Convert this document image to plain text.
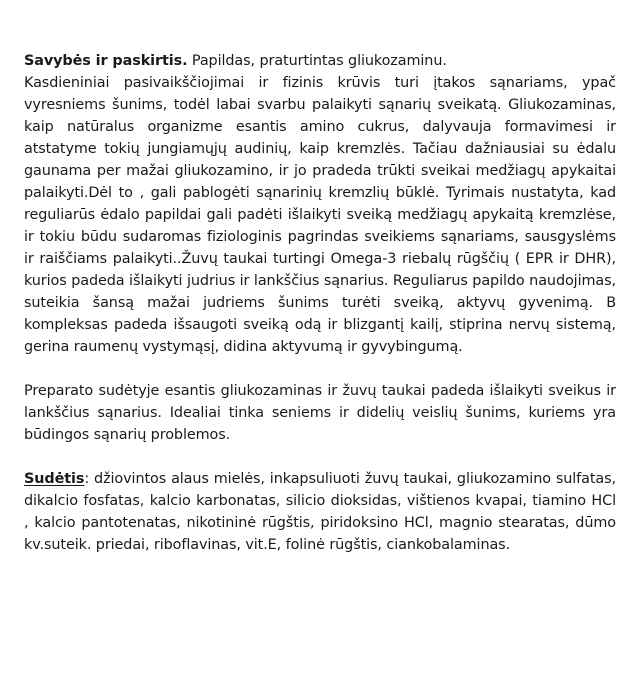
Savybės ir paskirtis. Papildas, praturtintas gliukozaminu.
Kasdieniniai pasivaikščiojimai ir fizinis krūvis turi įtakos sąnariams, ypač vyresniems šunims, todėl labai svarbu palaikyti sąnarių sveikatą. Gliukozaminas, kaip natūralus organizme esantis amino cukrus, dalyvauja formavimesi ir atstatyme tokių jungiamųjų audinių, kaip kremzlės. Tačiau dažniausiai su ėdalu gaunama per mažai gliukozamino, ir jo pradeda trūkti sveikai medžiagų apykaitai palaikyti.Dėl to , gali pablogėti sąnarinių kremzlių būklė. Tyrimais nustatyta, kad reguliarūs ėdalo papildai gali padėti išlaikyti sveiką medžiagų apykaitą kremzlėse, ir tokiu būdu sudaromas fiziologinis pagrindas sveikiems sąnariams, sausgyslėms ir raiščiams palaikyti..Žuvų taukai turtingi Omega-3 riebalų rūgščių ( EPR ir DHR), kurios padeda išlaikyti judrius ir lankščius sąnarius. Reguliarus papildo naudojimas, suteikia šansą mažai judriems šunims turėti sveiką, aktyvų gyvenimą. B kompleksas padeda išsaugoti sveiką odą ir blizgantį kailį, stiprina nervų sistemą, gerina raumenų vystymąsį, didina aktyvumą ir gyvybingumą.

Preparato sudėtyje esantis gliukozaminas ir žuvų taukai padeda išlaikyti sveikus ir lankščius sąnarius. Idealiai tinka seniems ir didelių veislių šunims, kuriems yra būdingos sąnarių problemos.

Sudėtis: džiovintos alaus mielės, inkapsuliuoti žuvų taukai, gliukozamino sulfatas, dikalcio fosfatas, kalcio karbonatas, silicio dioksidas, vištienos kvapai, tiamino HCl , kalcio pantotenatas, nikotininė rūgštis, piridoksino HCl, magnio stearatas, dūmo kv.suteik. priedai, riboflavinas, vit.E, folinė rūgštis, ciankobalaminas.
